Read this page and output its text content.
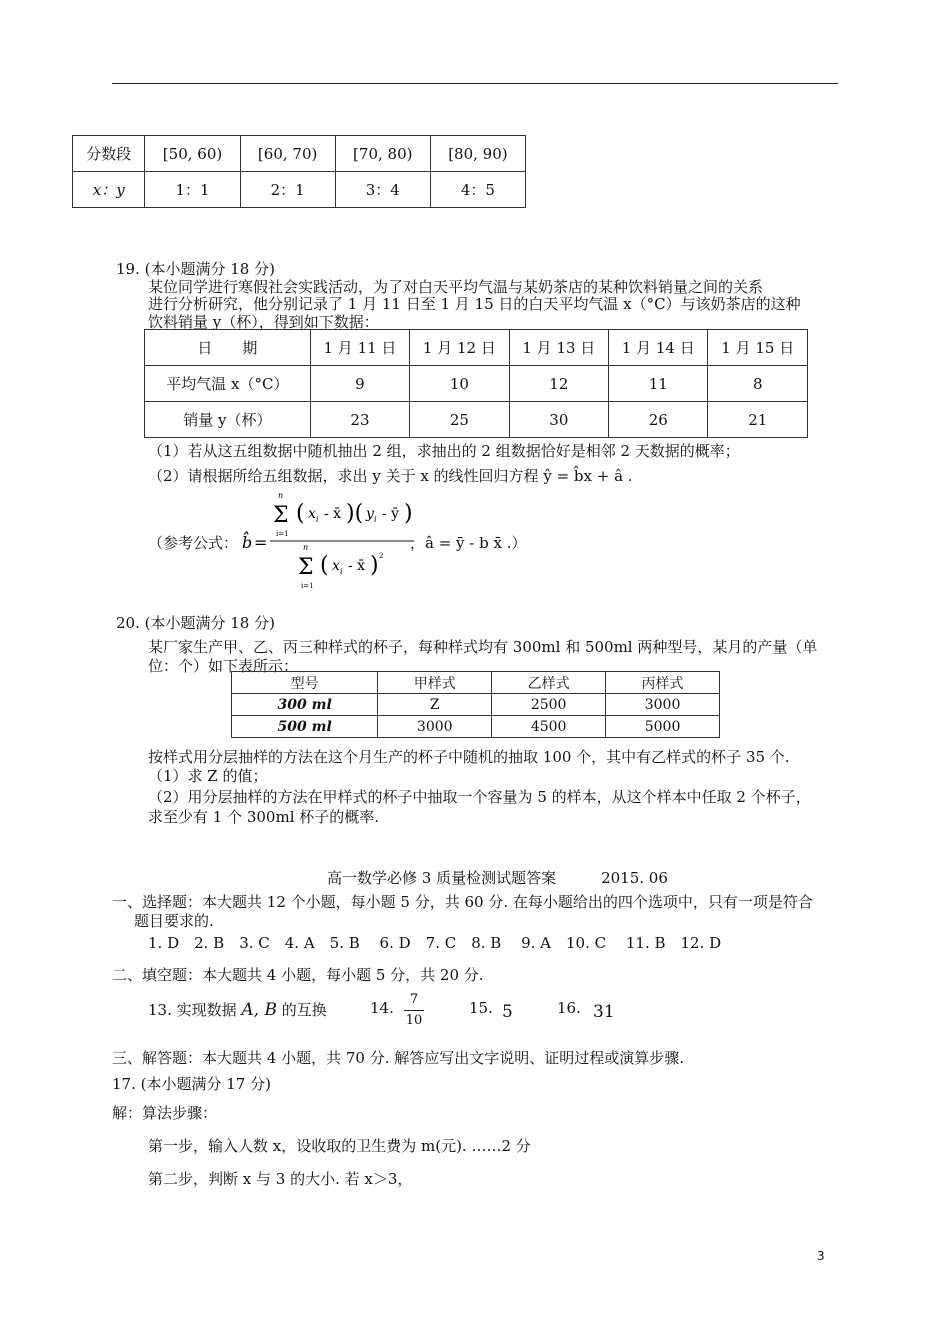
分数段	[50, 60)	[60, 70)	[70, 80)	[80, 90)
x：y	1：1	2：1	3：4	4：5
19. (本小题满分 18 分)
某位同学进行寒假社会实践活动，为了对白天平均气温与某奶茶店的某种饮料销量之间的关系
进行分析研究，他分别记录了 1 月 11 日至 1 月 15 日的白天平均气温 x（°C）与该奶茶店的这种
饮料销量 y（杯），得到如下数据：
日　　期	1 月 11 日	1 月 12 日	1 月 13 日	1 月 14 日	1 月 15 日
平均气温 x（°C）	9	10	12	11	8
销量 y（杯）	23	25	30	26	21
（1）若从这五组数据中随机抽出 2 组，求抽出的 2 组数据恰好是相邻 2 天数据的概率；
（2）请根据所给五组数据，求出 y 关于 x 的线性回归方程 ŷ = b̂x + â .
（参考公式： b̂̂ =
n
Σ
i=1
( x i - x̄ )( y i - ȳ )
n
Σ
i=1
( x i - x̄ ) 2
，â = ȳ - b x̄ .）
20. (本小题满分 18 分)
某厂家生产甲、乙、丙三种样式的杯子，每种样式均有 300ml 和 500ml 两种型号，某月的产量（单
位：个）如下表所示：
型号	甲样式	乙样式	丙样式
300 ml	Z	2500	3000
500 ml	3000	4500	5000
按样式用分层抽样的方法在这个月生产的杯子中随机的抽取 100 个，其中有乙样式的杯子 35 个.
（1）求 Z 的值；
（2）用分层抽样的方法在甲样式的杯子中抽取一个容量为 5 的样本，从这个样本中任取 2 个杯子，
求至少有 1 个 300ml 杯子的概率.
高一数学必修 3 质量检测试题答案　　　2015. 06
一、选择题：本大题共 12 个小题，每小题 5 分，共 60 分. 在每小题给出的四个选项中，只有一项是符合
题目要求的.
1. D　2. B　3. C　4. A　5. B　 6. D　7. C　8. B　 9. A　10. C　 11. B　12. D
二、填空题：本大题共 4 小题，每小题 5 分，共 20 分.
13. 实现数据 A, B 的互换	14.	7
10
15. 5	16. 31
三、解答题：本大题共 4 小题，共 70 分. 解答应写出文字说明、证明过程或演算步骤.
17. (本小题满分 17 分)
解：算法步骤：
第一步，输入人数 x，设收取的卫生费为 m(元). ……2 分
第二步，判断 x 与 3 的大小. 若 x＞3，
3
